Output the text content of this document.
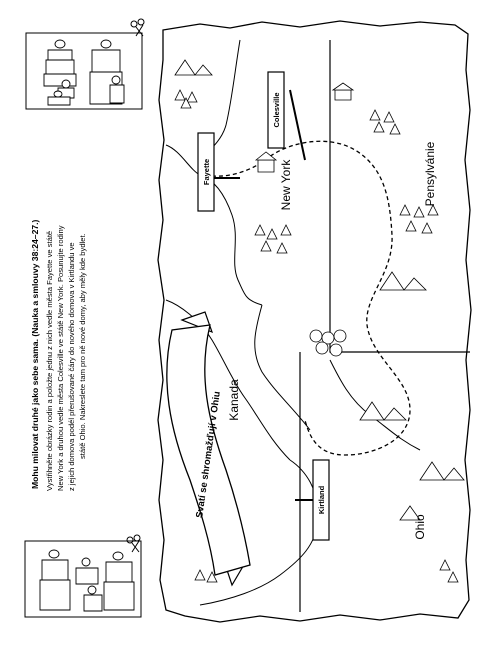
Mohu milovat druhé jako sebe sama. (Nauka a smlouvy 38:24–27.) Vystřihněte obrázky rodin a položte jednu z nich vedle města Fayette ve státě New York a druhou vedle města Colesville ve státě New York. Posunujte rodiny z jejich domova podél přerušované čáry do nového domova v Kirtlandu ve státě Ohio. Nakreslete tam pro ně nové domy, aby měly kde bydlet.
Colesville
Fayette
Kirtland
New York	Pensylvánie
Kanada
Ohio
Svatí se shromažďují v Ohiu
